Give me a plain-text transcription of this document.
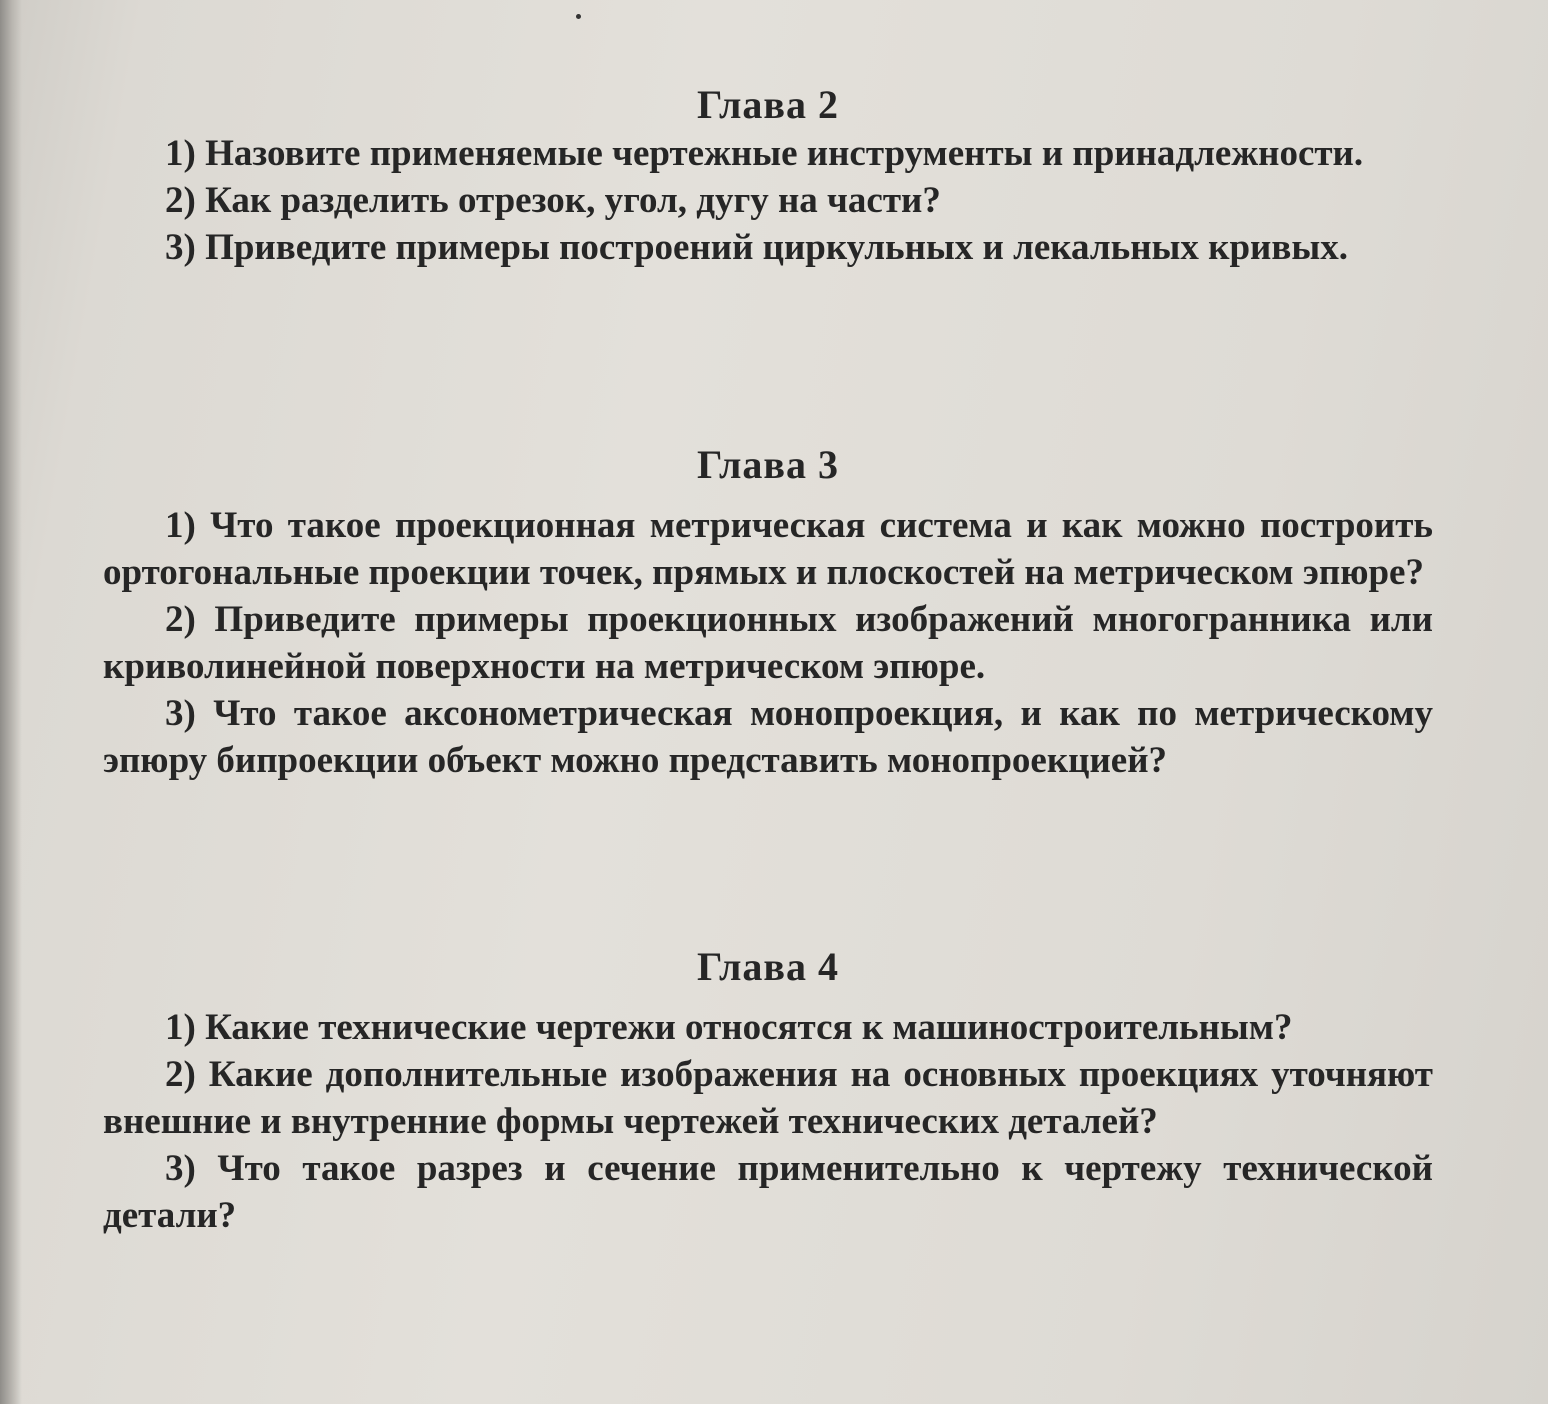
Глава 2

1) Назовите применяемые чертежные инструменты и принадлежности.

2) Как разделить отрезок, угол, дугу на части?

3) Приведите примеры построений циркульных и лекальных кривых.

Глава 3

1) Что такое проекционная метрическая система и как можно построить ортогональные проекции точек, прямых и плоскостей на метрическом эпюре?

2) Приведите примеры проекционных изображений многогранника или криволинейной поверхности на метрическом эпюре.

3) Что такое аксонометрическая монопроекция, и как по метрическому эпюру бипроекции объект можно представить монопроекцией?

Глава 4

1) Какие технические чертежи относятся к машиностроительным?

2) Какие дополнительные изображения на основных проекциях уточняют внешние и внутренние формы чертежей технических деталей?

3) Что такое разрез и сечение применительно к чертежу технической детали?
